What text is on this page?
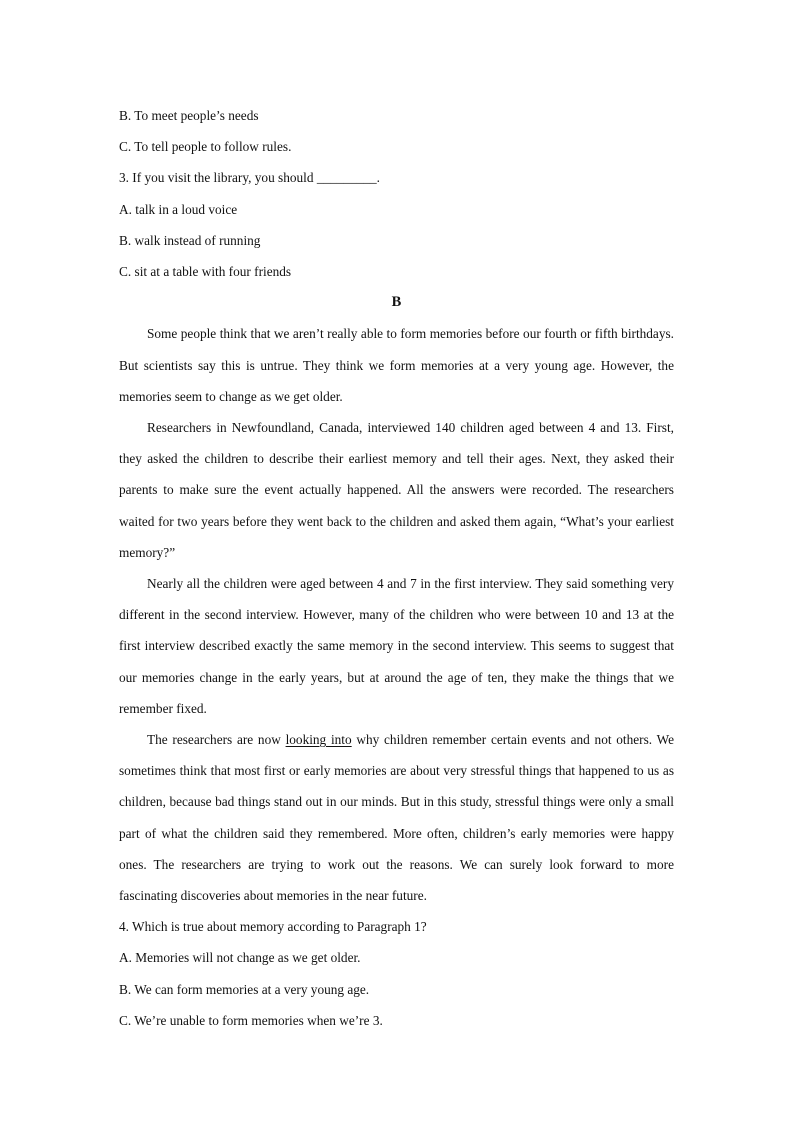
B. To meet people’s needs

C. To tell people to follow rules.

3. If you visit the library, you should _________.

A. talk in a loud voice

B. walk instead of running

C. sit at a table with four friends

B

Some people think that we aren’t really able to form memories before our fourth or fifth birthdays. But scientists say this is untrue. They think we form memories at a very young age. However, the memories seem to change as we get older.

Researchers in Newfoundland, Canada, interviewed 140 children aged between 4 and 13. First, they asked the children to describe their earliest memory and tell their ages. Next, they asked their parents to make sure the event actually happened. All the answers were recorded. The researchers waited for two years before they went back to the children and asked them again, “What’s your earliest memory?”

Nearly all the children were aged between 4 and 7 in the first interview. They said something very different in the second interview. However, many of the children who were between 10 and 13 at the first interview described exactly the same memory in the second interview. This seems to suggest that our memories change in the early years, but at around the age of ten, they make the things that we remember fixed.

The researchers are now looking into why children remember certain events and not others. We sometimes think that most first or early memories are about very stressful things that happened to us as children, because bad things stand out in our minds. But in this study, stressful things were only a small part of what the children said they remembered. More often, children’s early memories were happy ones. The researchers are trying to work out the reasons. We can surely look forward to more fascinating discoveries about memories in the near future.

4. Which is true about memory according to Paragraph 1?

A. Memories will not change as we get older.

B. We can form memories at a very young age.

C. We’re unable to form memories when we’re 3.
